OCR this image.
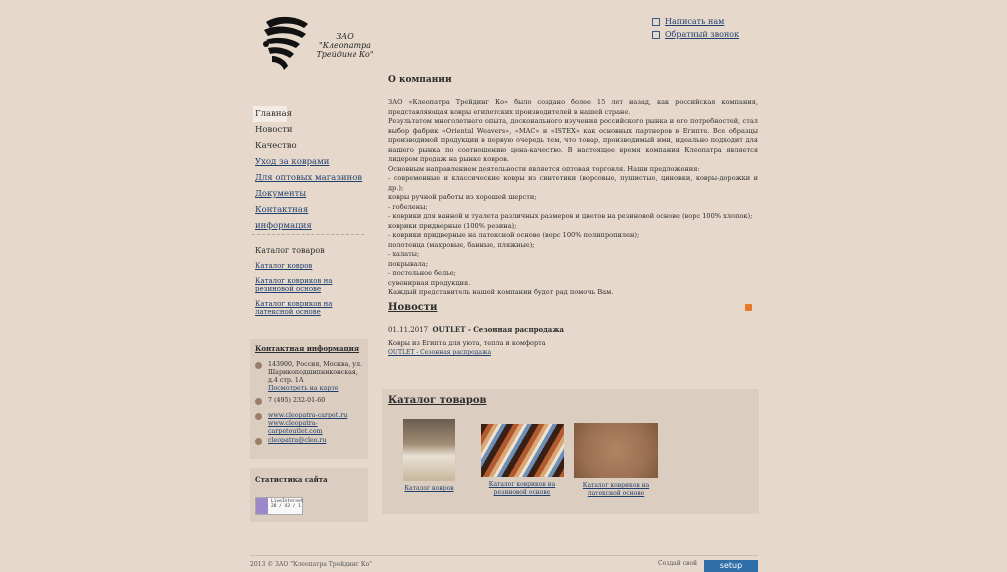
ЗАО "Клеопатра Трейдинг Ко"
Написать нам
Обратный звонок
Главная
Новости
Качество
Уход за коврами
Для оптовых магазинов
Документы
Контактная информация
Каталог товаров
Каталог ковров
Каталог ковриков на резиновой основе
Каталог ковриков на латексной основе
Контактная информация
143900, Россия, Москва, ул. Шарикоподшипниковская, д.4 стр. 1А
Посмотреть на карте
7 (495) 232-01-60
www.cleopatra-carpet.ru
www.cleopatra-carpetoutlet.com
cleopatra@cleo.ru
Статистика сайта
LiveInternet 28 / 43 / 1
О компании

ЗАО «Клеопатра Трейдинг Ко» было создано более 15 лет назад, как российская компания, представляющая ковры египетских производителей в нашей стране.

Результатом многолетнего опыта, досконального изучения российского рынка и его потребностей, стал выбор фабрик «Oriental Weavers», «MAC» и «ISTEX» как основных партнеров в Египте. Все образцы производимой продукции в первую очередь тем, что товар, производимый ими, идеально подходит для нашего рынка по соотношению цена-качество. В настоящее время компания Клеопатра является лидером продаж на рынке ковров.

Основным направлением деятельности является оптовая торговля. Наши предложения:

- современные и классические ковры из синтетики (ворсовые, пушистые, циновки, ковры-дорожки и др.);

ковры ручной работы из хорошей шерсти;

- гобелены;

- коврики для ванной и туалета различных размеров и цветов на резиновой основе (ворс 100% хлопок);

коврики придверные (100% резина);

- коврики придверные на латексной основе (ворс 100% полипропилен);

полотенца (махровые, банные, пляжные);

- халаты;

покрывала;

- постельное белье;

сувенирная продукция.

Каждый представитель нашей компании будет рад помочь Вам.

Новости
01.11.2017 OUTLET - Сезонная распродажа
Ковры из Египта для уюта, тепла и комфорта
OUTLET - Сезонная распродажа
Каталог товаров
Каталог ковров
Каталог ковриков на
резиновой основе
Каталог ковриков на
латексной основе
2013 © ЗАО "Клеопатра Трейдинг Ко"	Создай свой	setup
